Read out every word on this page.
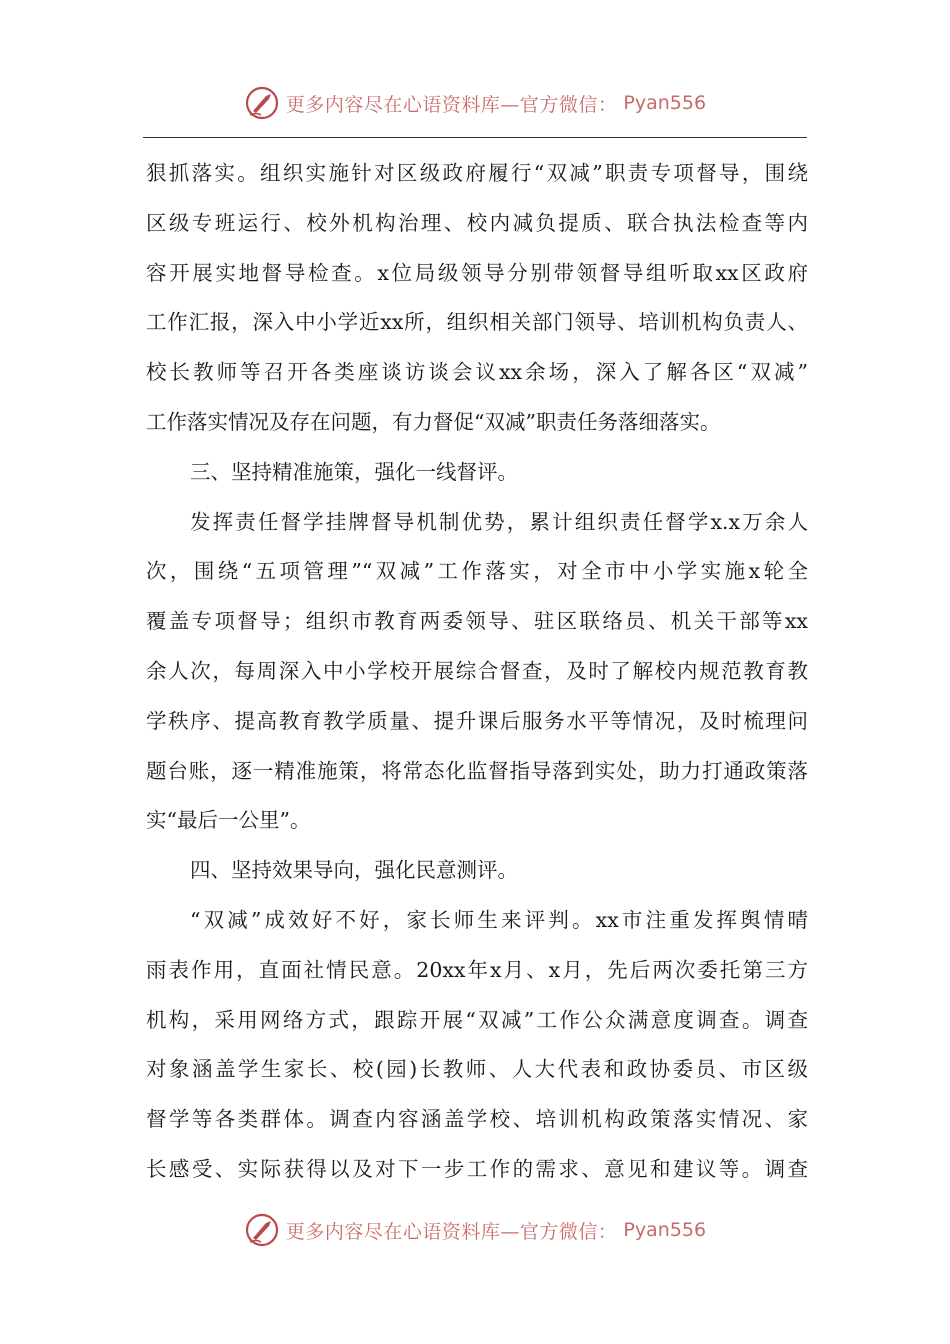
更多内容尽在心语资料库—官方微信： Pyan556
狠抓落实。组织实施针对区级政府履行“双减”职责专项督导，围绕
区级专班运行、校外机构治理、校内减负提质、联合执法检查等内
容开展实地督导检查。x位局级领导分别带领督导组听取xx区政府
工作汇报，深入中小学近xx所，组织相关部门领导、培训机构负责人、
校长教师等召开各类座谈访谈会议xx余场，深入了解各区“双减”
工作落实情况及存在问题，有力督促“双减”职责任务落细落实。
三、坚持精准施策，强化一线督评。
发挥责任督学挂牌督导机制优势，累计组织责任督学x.x万余人
次，围绕“五项管理”“双减”工作落实，对全市中小学实施x轮全
覆盖专项督导；组织市教育两委领导、驻区联络员、机关干部等xx
余人次，每周深入中小学校开展综合督查，及时了解校内规范教育教
学秩序、提高教育教学质量、提升课后服务水平等情况，及时梳理问
题台账，逐一精准施策，将常态化监督指导落到实处，助力打通政策落
实“最后一公里”。
四、坚持效果导向，强化民意测评。
“双减”成效好不好，家长师生来评判。xx市注重发挥舆情晴
雨表作用，直面社情民意。20xx年x月、x月，先后两次委托第三方
机构，采用网络方式，跟踪开展“双减”工作公众满意度调查。调查
对象涵盖学生家长、校(园)长教师、人大代表和政协委员、市区级
督学等各类群体。调查内容涵盖学校、培训机构政策落实情况、家
长感受、实际获得以及对下一步工作的需求、意见和建议等。调查
更多内容尽在心语资料库—官方微信： Pyan556
